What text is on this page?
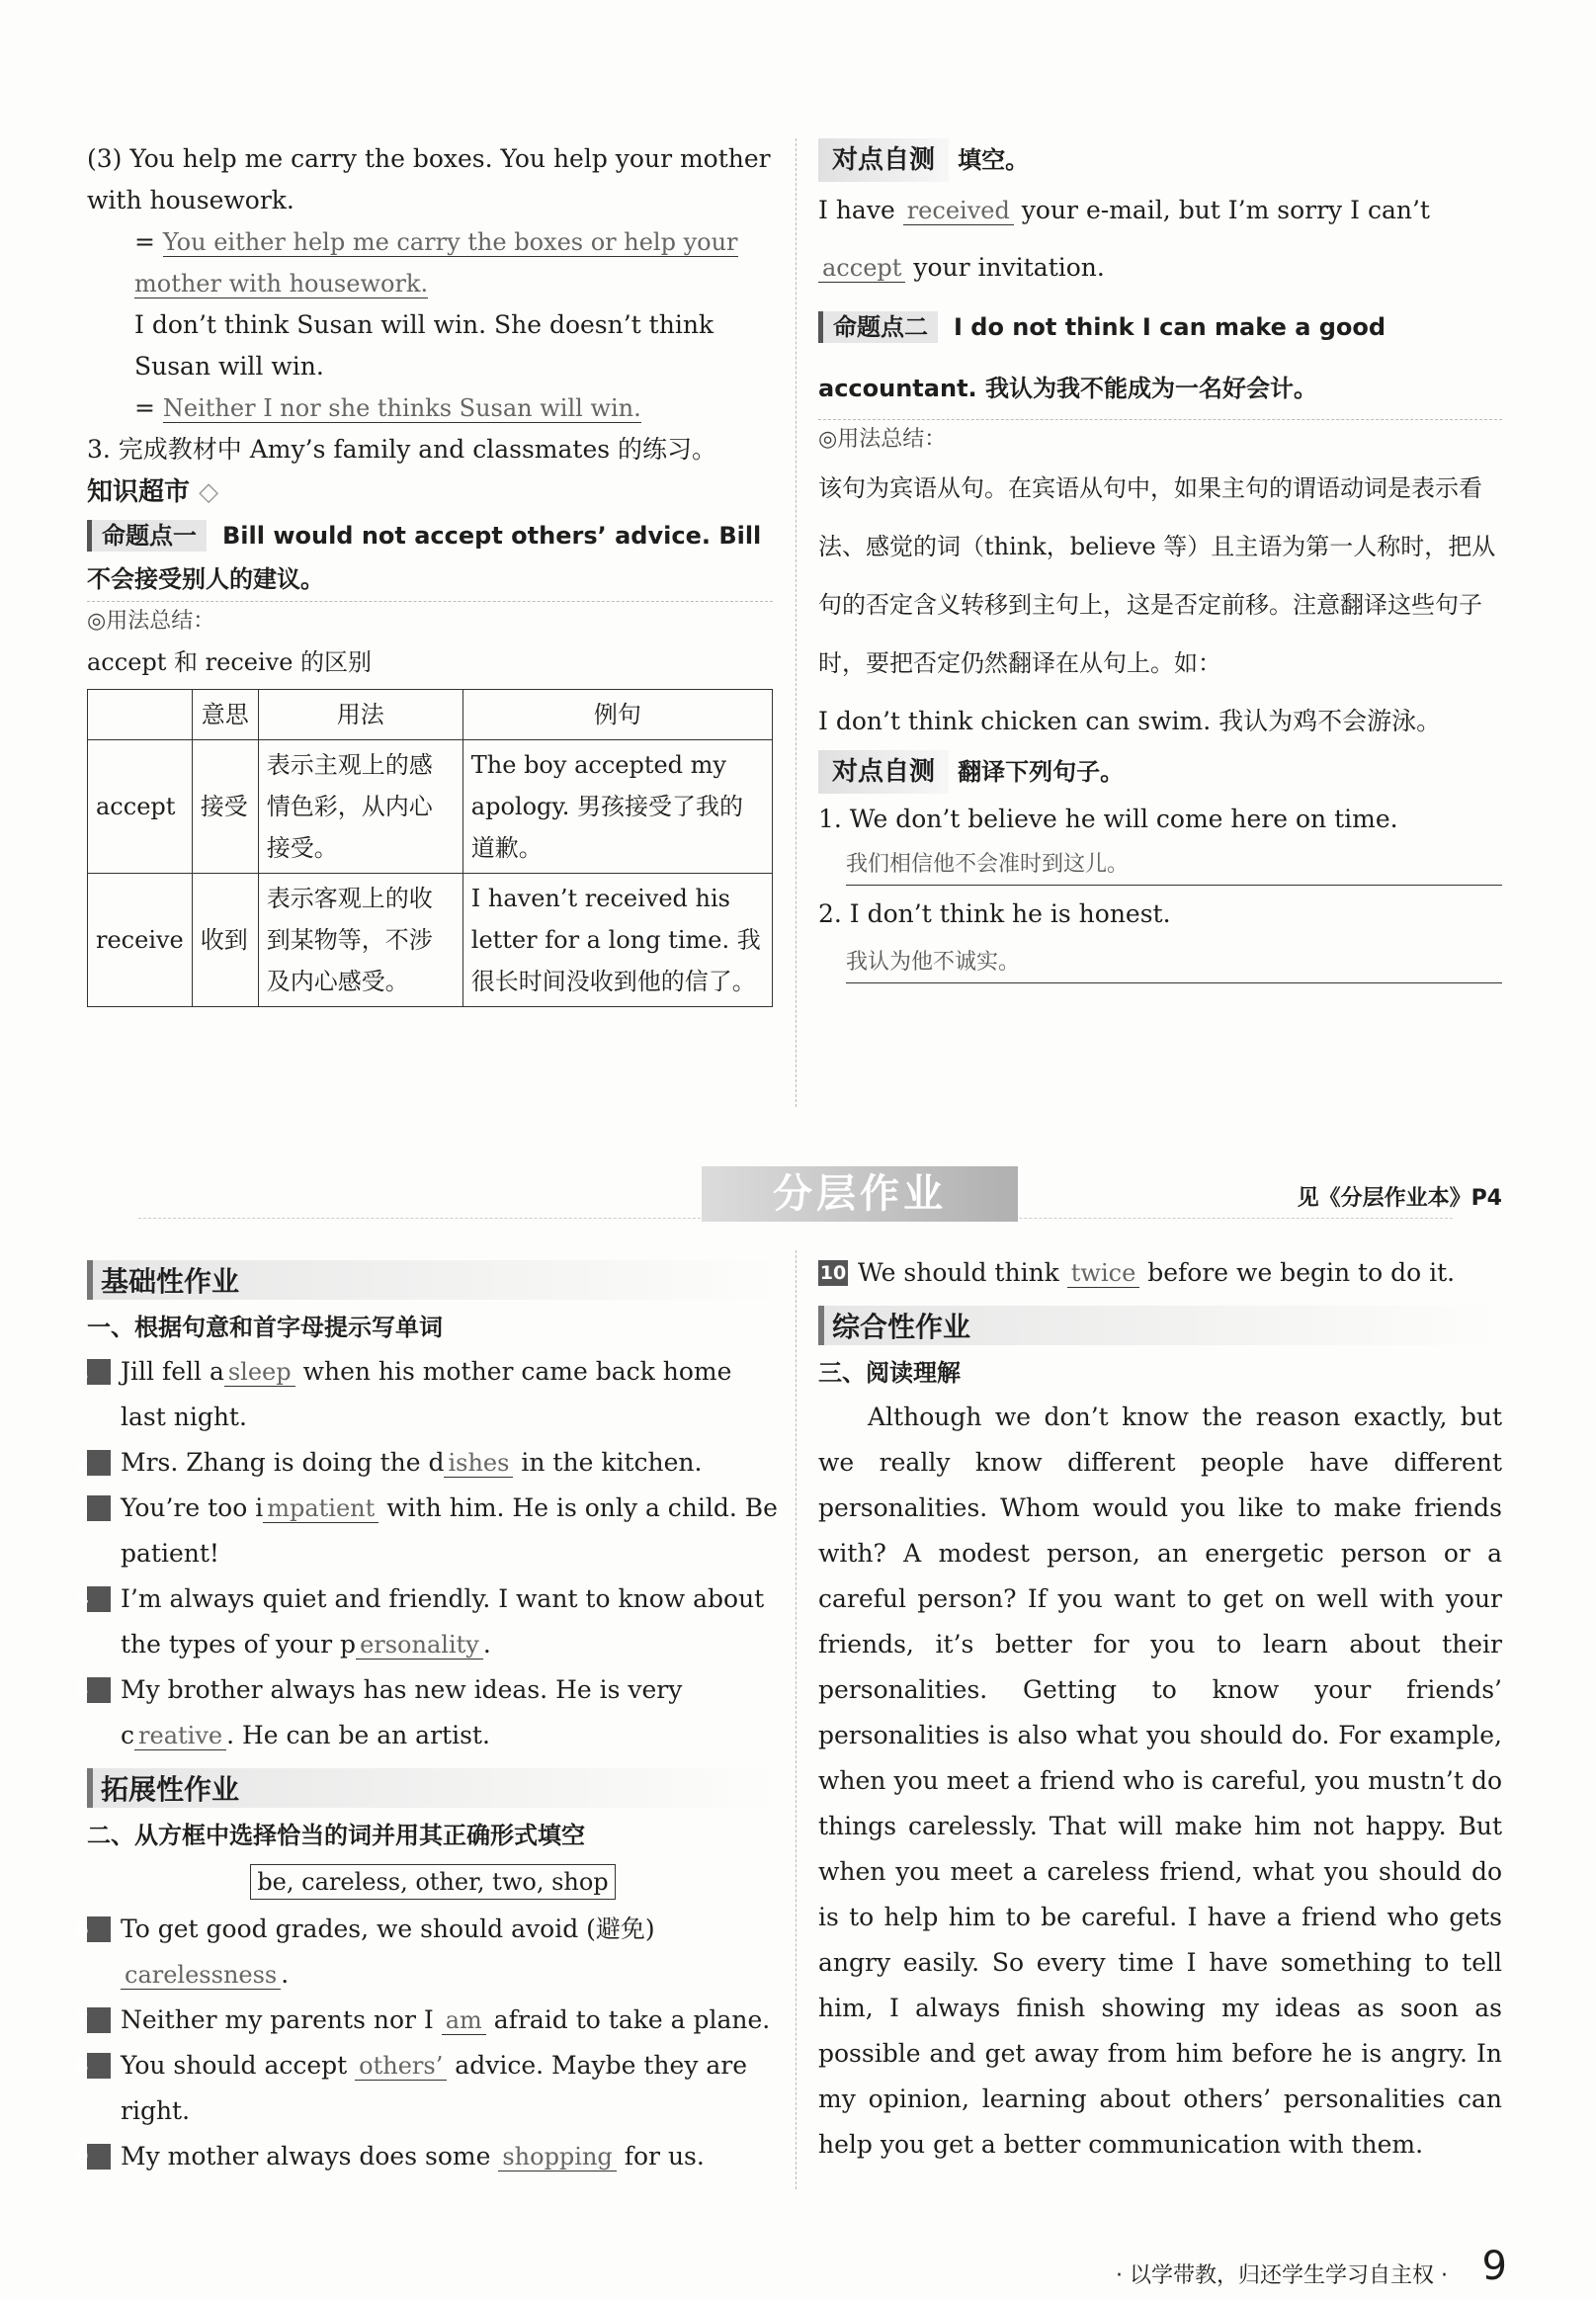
(3) You help me carry the boxes. You help your mother with housework.

= You either help me carry the boxes or help your mother with housework.

I don’t think Susan will win. She doesn’t think Susan will win.

= Neither I nor she thinks Susan will win.

3. 完成教材中 Amy’s family and classmates 的练习。

知识超市 ◇

命题点一 Bill would not accept others’ advice. Bill 不会接受别人的建议。

◎用法总结：

accept 和 receive 的区别

	意思	用法	例句
accept	接受	表示主观上的感情色彩，从内心接受。	The boy accepted my apology. 男孩接受了我的道歉。
receive	收到	表示客观上的收到某物等，不涉及内心感受。	I haven’t received his letter for a long time. 我很长时间没收到他的信了。

对点自测 填空。

I have received your e-mail, but I’m sorry I can’t accept your invitation.

命题点二 I do not think I can make a good accountant. 我认为我不能成为一名好会计。

◎用法总结：

该句为宾语从句。在宾语从句中，如果主句的谓语动词是表示看法、感觉的词（think，believe 等）且主语为第一人称时，把从句的否定含义转移到主句上，这是否定前移。注意翻译这些句子时，要把否定仍然翻译在从句上。如：

I don’t think chicken can swim. 我认为鸡不会游泳。

对点自测 翻译下列句子。

1. We don’t believe he will come here on time.

我们相信他不会准时到这儿。

2. I don’t think he is honest.

我认为他不诚实。

分层作业	见《分层作业本》P4
基础性作业

一、根据句意和首字母提示写单词

1 Jill fell a sleep when his mother came back home last night.

2 Mrs. Zhang is doing the d ishes in the kitchen.

3 You’re too i mpatient with him. He is only a child. Be patient!

4 I’m always quiet and friendly. I want to know about the types of your p ersonality .

5 My brother always has new ideas. He is very c reative . He can be an artist.

拓展性作业

二、从方框中选择恰当的词并用其正确形式填空

be, careless, other, two, shop

6 To get good grades, we should avoid (避免) carelessness .

7 Neither my parents nor I am afraid to take a plane.

8 You should accept others’ advice. Maybe they are right.

9 My mother always does some shopping for us.

10 We should think twice before we begin to do it.

综合性作业

三、阅读理解

Although we don’t know the reason exactly, but we really know different people have different personalities. Whom would you like to make friends with? A modest person, an energetic person or a careful person? If you want to get on well with your friends, it’s better for you to learn about their personalities. Getting to know your friends’ personalities is also what you should do. For example, when you meet a friend who is careful, you mustn’t do things carelessly. That will make him not happy. But when you meet a careless friend, what you should do is to help him to be careful. I have a friend who gets angry easily. So every time I have something to tell him, I always finish showing my ideas as soon as possible and get away from him before he is angry. In my opinion, learning about others’ personalities can help you get a better communication with them.

· 以学带教，归还学生学习自主权 · 9
